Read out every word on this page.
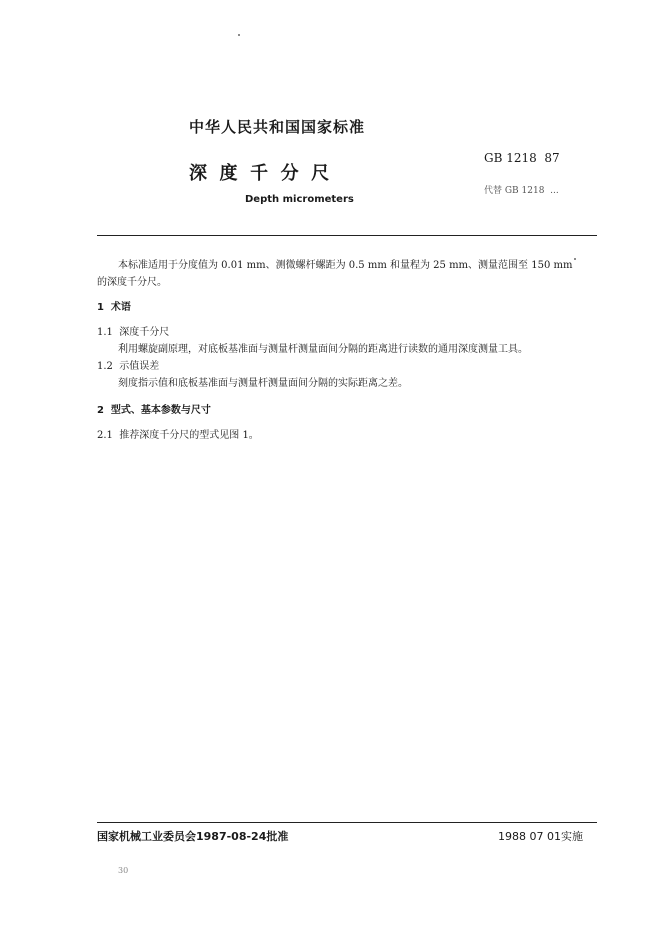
中华人民共和国国家标准
深  度  千  分  尺
Depth micrometers
GB 1218  87
代替 GB 1218  ...
本标准适用于分度值为 0.01 mm、测微螺杆螺距为 0.5 mm 和量程为 25 mm、测量范围至 150 mm
的深度千分尺。
1  术语
1.1  深度千分尺
利用螺旋副原理，对底板基准面与测量杆测量面间分隔的距离进行读数的通用深度测量工具。
1.2  示值误差
刻度指示值和底板基准面与测量杆测量面间分隔的实际距离之差。
2  型式、基本参数与尺寸
2.1  推荐深度千分尺的型式见图 1。
国家机械工业委员会1987-08-24批准	1988 07 01实施
30
